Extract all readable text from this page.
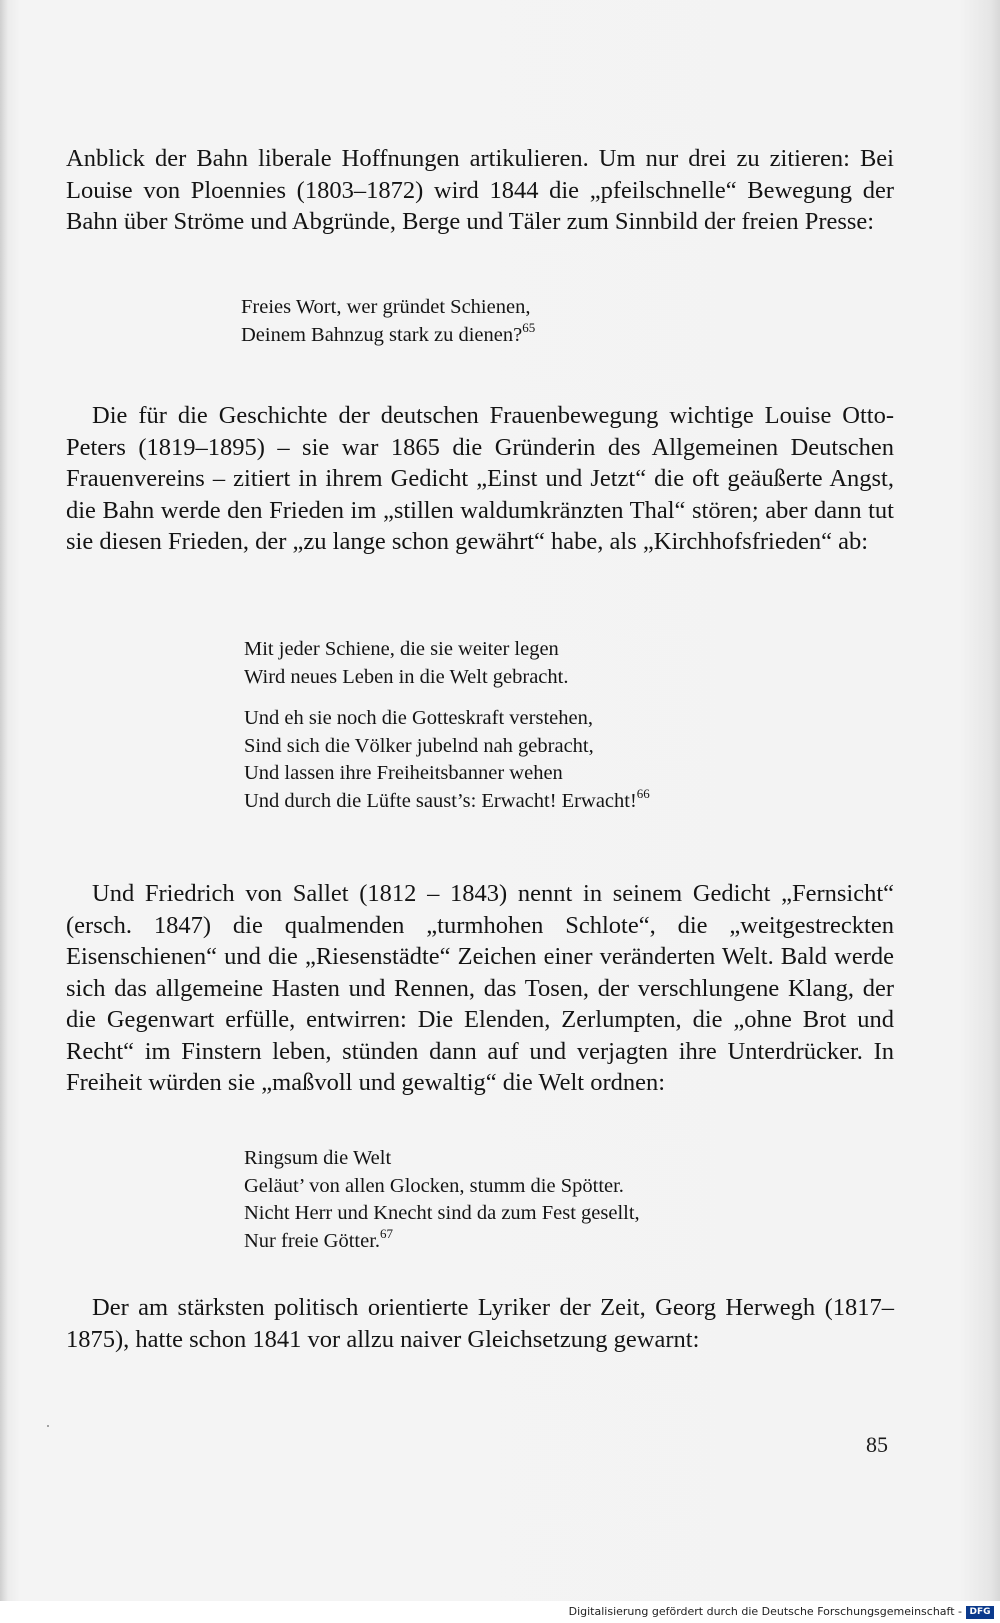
Anblick der Bahn liberale Hoffnungen artikulieren. Um nur drei zu zitieren: Bei Louise von Ploennies (1803–1872) wird 1844 die „pfeilschnelle“ Bewegung der Bahn über Ströme und Abgründe, Berge und Täler zum Sinnbild der freien Presse:

Freies Wort, wer gründet Schienen,
Deinem Bahnzug stark zu dienen?$^{65}$

Die für die Geschichte der deutschen Frauenbewegung wichtige Louise Otto-Peters (1819–1895) – sie war 1865 die Gründerin des Allgemeinen Deutschen Frauenvereins – zitiert in ihrem Gedicht „Einst und Jetzt“ die oft geäußerte Angst, die Bahn werde den Frieden im „stillen waldumkränzten Thal“ stören; aber dann tut sie diesen Frieden, der „zu lange schon gewährt“ habe, als „Kirchhofsfrieden“ ab:

Mit jeder Schiene, die sie weiter legen
Wird neues Leben in die Welt gebracht.
Und eh sie noch die Gotteskraft verstehen,
Sind sich die Völker jubelnd nah gebracht,
Und lassen ihre Freiheitsbanner wehen
Und durch die Lüfte saust’s: Erwacht! Erwacht!$^{66}$

Und Friedrich von Sallet (1812 – 1843) nennt in seinem Gedicht „Fernsicht“ (ersch. 1847) die qualmenden „turmhohen Schlote“, die „weitgestreckten Eisenschienen“ und die „Riesenstädte“ Zeichen einer veränderten Welt. Bald werde sich das allgemeine Hasten und Rennen, das Tosen, der verschlungene Klang, der die Gegenwart erfülle, entwirren: Die Elenden, Zerlumpten, die „ohne Brot und Recht“ im Finstern leben, stünden dann auf und verjagten ihre Unterdrücker. In Freiheit würden sie „maßvoll und gewaltig“ die Welt ordnen:

Ringsum die Welt
Geläut’ von allen Glocken, stumm die Spötter.
Nicht Herr und Knecht sind da zum Fest gesellt,
Nur freie Götter.$^{67}$

Der am stärksten politisch orientierte Lyriker der Zeit, Georg Herwegh (1817–1875), hatte schon 1841 vor allzu naiver Gleichsetzung gewarnt:

85
Digitalisierung gefördert durch die Deutsche Forschungsgemeinschaft - DFG
